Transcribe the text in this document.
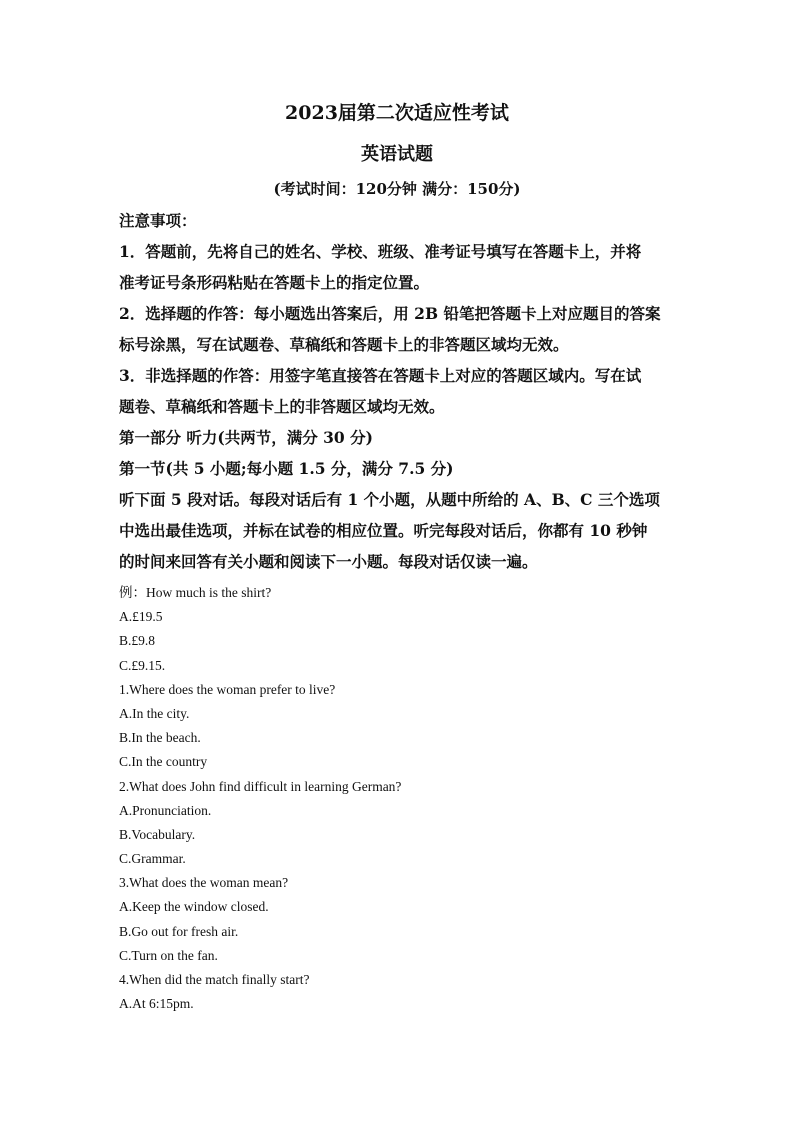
2023届第二次适应性考试
英语试题
(考试时间：120分钟 满分：150分)
注意事项：
1．答题前，先将自己的姓名、学校、班级、准考证号填写在答题卡上，并将
准考证号条形码粘贴在答题卡上的指定位置。
2．选择题的作答：每小题选出答案后，用 2B 铅笔把答题卡上对应题目的答案
标号涂黑，写在试题卷、草稿纸和答题卡上的非答题区域均无效。
3．非选择题的作答：用签字笔直接答在答题卡上对应的答题区域内。写在试
题卷、草稿纸和答题卡上的非答题区域均无效。
第一部分 听力(共两节，满分 30 分)
第一节(共 5 小题;每小题 1.5 分，满分 7.5 分)
听下面 5 段对话。每段对话后有 1 个小题，从题中所给的 A、B、C 三个选项
中选出最佳选项，并标在试卷的相应位置。听完每段对话后，你都有 10 秒钟
的时间来回答有关小题和阅读下一小题。每段对话仅读一遍。
例：How much is the shirt?
A.£19.5
B.£9.8
C.£9.15.
1.Where does the woman prefer to live?
A.In the city.
B.In the beach.
C.In the country
2.What does John find difficult in learning German?
A.Pronunciation.
B.Vocabulary.
C.Grammar.
3.What does the woman mean?
A.Keep the window closed.
B.Go out for fresh air.
C.Turn on the fan.
4.When did the match finally start?
A.At 6:15pm.
